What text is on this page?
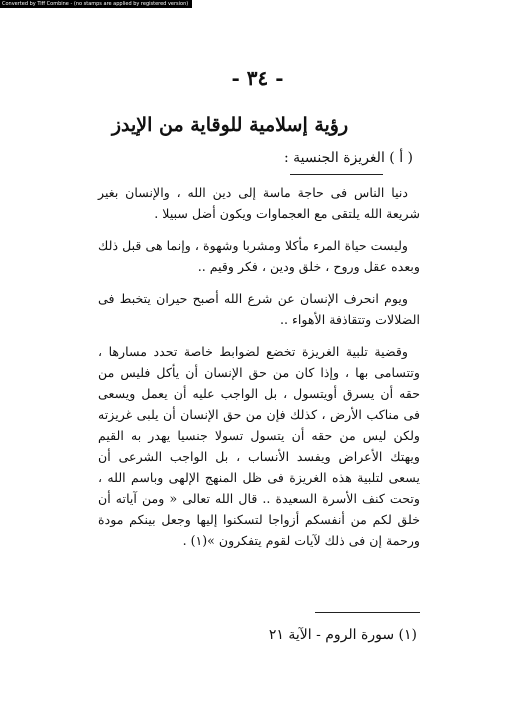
Converted by Tiff Combine - (no stamps are applied by registered version)
- ٣٤ -
رؤية إسلامية للوقاية من الإيدز
( أ ) الغريزة الجنسية :

دنيا الناس فى حاجة ماسة إلى دين الله ، والإنسان بغير شريعة الله يلتقى مع العجماوات ويكون أضل سبيلا .

وليست حياة المرء مأكلا ومشربا وشهوة ، وإنما هى قبل ذلك وبعده عقل وروح ، خلق ودين ، فكر وقيم ..

ويوم انحرف الإنسان عن شرع الله أصبح حيران يتخبط فى الضلالات وتتقاذفة الأهواء ..

وقضية تلبية الغريزة تخضع لضوابط خاصة تحدد مسارها ، وتتسامى بها ، وإذا كان من حق الإنسان أن يأكل فليس من حقه أن يسرق أويتسول ، بل الواجب عليه أن يعمل ويسعى فى مناكب الأرض ، كذلك فإن من حق الإنسان أن يلبى غريزته ولكن ليس من حقه أن يتسول تسولا جنسيا يهدر به القيم ويهتك الأعراض ويفسد الأنساب ، بل الواجب الشرعى أن يسعى لتلبية هذه الغريزة فى ظل المنهج الإلهى وباسم الله ، وتحت كنف الأسرة السعيدة .. قال الله تعالى « ومن آياته أن خلق لكم من أنفسكم أزواجا لتسكنوا إليها وجعل بينكم مودة ورحمة إن فى ذلك لآيات لقوم يتفكرون »(١) .

(١) سورة الروم - الآية ٢١
